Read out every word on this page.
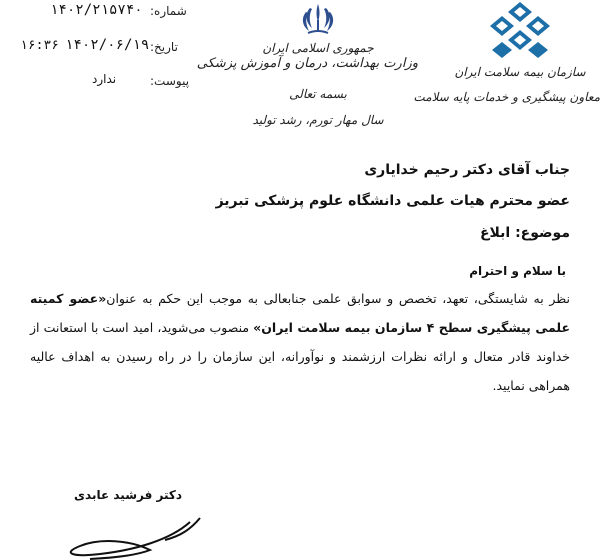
۱۴۰۲/۲۱۵۷۴۰ شماره:
۱۶:۳۶ ۱۴۰۲/۰۶/۱۹ تاریخ:
ندارد	پیوست:
جمهوری اسلامی ایران
وزارت بهداشت، درمان و آموزش پزشکی
بسمه تعالی
سال مهار تورم، رشد تولید
سازمان بیمه سلامت ایران
معاون پیشگیری و خدمات پایه سلامت
جناب آقای دکتر رحیم خدایاری
عضو محترم هیات علمی دانشگاه علوم پزشکی تبریز
موضوع: ابلاغ
با سلام و احترام
نظر به شایستگی، تعهد، تخصص و سوابق علمی جنابعالی به موجب این حکم به عنوان«عضو کمیته علمی پیشگیری سطح ۴ سازمان بیمه سلامت ایران» منصوب می‌شوید، امید است با استعانت از خداوند قادر متعال و ارائه نظرات ارزشمند و نوآورانه، این سازمان را در راه رسیدن به اهداف عالیه همراهی نمایید.
دکتر فرشید عابدی
